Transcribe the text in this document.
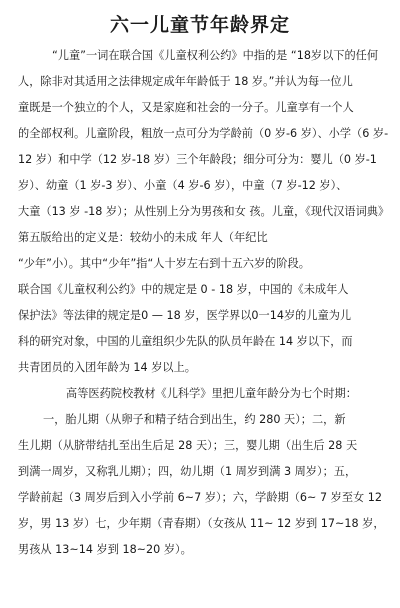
六一儿童节年龄界定
“儿童”一词在联合国《儿童权利公约》中指的是 “18岁以下的任何
人，除非对其适用之法律规定成年年龄低于 18 岁。”并认为每一位儿
童既是一个独立的个人，又是家庭和社会的一分子。儿童享有一个人
的全部权利。儿童阶段，粗放一点可分为学龄前（0 岁-6 岁）、小学（6 岁-
12 岁）和中学（12 岁-18 岁）三个年龄段；细分可分为：婴儿（0 岁-1
岁）、幼童（1 岁-3 岁）、小童（4 岁-6 岁），中童（7 岁-12 岁）、
大童（13 岁 -18 岁）；从性别上分为男孩和女 孩。儿童，《现代汉语词典》
第五版给出的定义是：较幼小的未成 年人（年纪比
“少年”小）。其中“少年”指“人十岁左右到十五六岁的阶段。
联合国《儿童权利公约》中的规定是 0 - 18 岁，中国的《未成年人
保护法》等法律的规定是0 — 18 岁，医学界以0一14岁的儿童为儿
科的研究对象，中国的儿童组织少先队的队员年龄在 14 岁以下，而
共青团员的入团年龄为 14 岁以上。
高等医药院校教材《儿科学》里把儿童年龄分为七个时期：
一，胎儿期（从卵子和精子结合到出生，约 280 天）；二，新
生儿期（从脐带结扎至出生后足 28 天）；三，婴儿期（出生后 28 天
到满一周岁，又称乳儿期）；四，幼儿期（1 周岁到满 3 周岁）；五，
学龄前起（3 周岁后到入小学前 6~7 岁）；六，学龄期（6~ 7 岁至女 12
岁，男 13 岁）七，少年期（青春期）（女孩从 11~ 12 岁到 17~18 岁，
男孩从 13~14 岁到 18~20 岁）。
